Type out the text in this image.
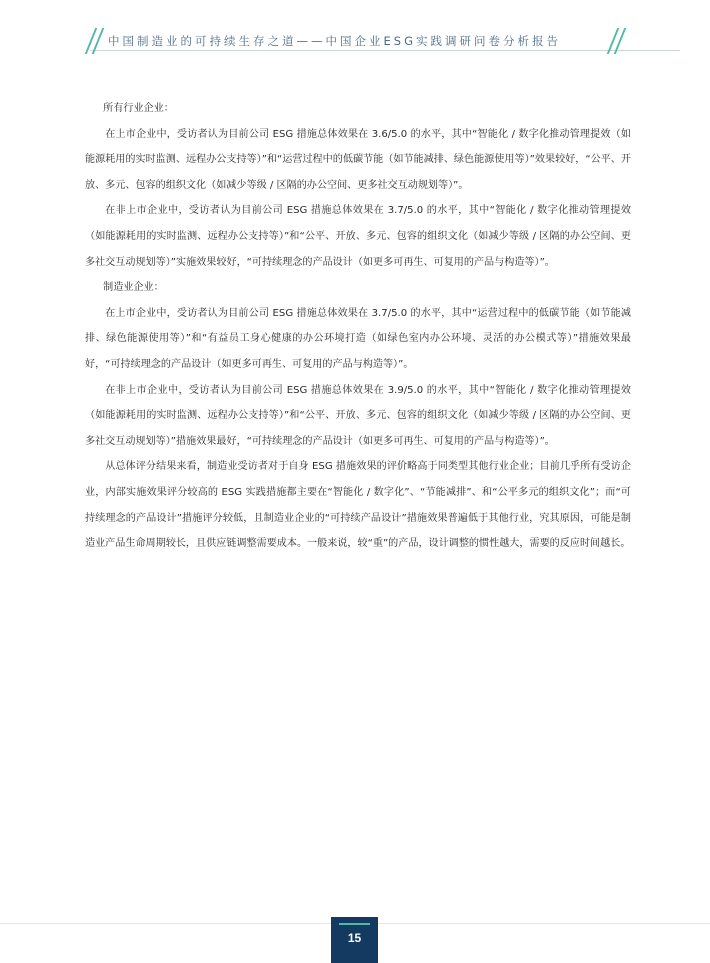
中国制造业的可持续生存之道——中国企业ESG实践调研问卷分析报告

所有行业企业：

在上市企业中，受访者认为目前公司 ESG 措施总体效果在 3.6/5.0 的水平，其中“智能化 / 数字化推动管理提效（如能源耗用的实时监测、远程办公支持等）”和“运营过程中的低碳节能（如节能减排、绿色能源使用等）”效果较好，“公平、开放、多元、包容的组织文化（如减少等级 / 区隔的办公空间、更多社交互动规划等）”。

在非上市企业中，受访者认为目前公司 ESG 措施总体效果在 3.7/5.0 的水平，其中“智能化 / 数字化推动管理提效（如能源耗用的实时监测、远程办公支持等）”和“公平、开放、多元、包容的组织文化（如减少等级 / 区隔的办公空间、更多社交互动规划等）”实施效果较好，“可持续理念的产品设计（如更多可再生、可复用的产品与构造等）”。

制造业企业：

在上市企业中，受访者认为目前公司 ESG 措施总体效果在 3.7/5.0 的水平，其中“运营过程中的低碳节能（如节能减排、绿色能源使用等）”和“有益员工身心健康的办公环境打造（如绿色室内办公环境、灵活的办公模式等）”措施效果最好，“可持续理念的产品设计（如更多可再生、可复用的产品与构造等）”。

在非上市企业中，受访者认为目前公司 ESG 措施总体效果在 3.9/5.0 的水平，其中“智能化 / 数字化推动管理提效（如能源耗用的实时监测、远程办公支持等）”和“公平、开放、多元、包容的组织文化（如减少等级 / 区隔的办公空间、更多社交互动规划等）”措施效果最好，“可持续理念的产品设计（如更多可再生、可复用的产品与构造等）”。

从总体评分结果来看，制造业受访者对于自身 ESG 措施效果的评价略高于同类型其他行业企业；目前几乎所有受访企业，内部实施效果评分较高的 ESG 实践措施都主要在“智能化 / 数字化”、“节能减排”、和“公平多元的组织文化”；而“可持续理念的产品设计”措施评分较低，且制造业企业的“可持续产品设计”措施效果普遍低于其他行业，究其原因，可能是制造业产品生命周期较长，且供应链调整需要成本。一般来说，较“重”的产品，设计调整的惯性越大，需要的反应时间越长。

15
